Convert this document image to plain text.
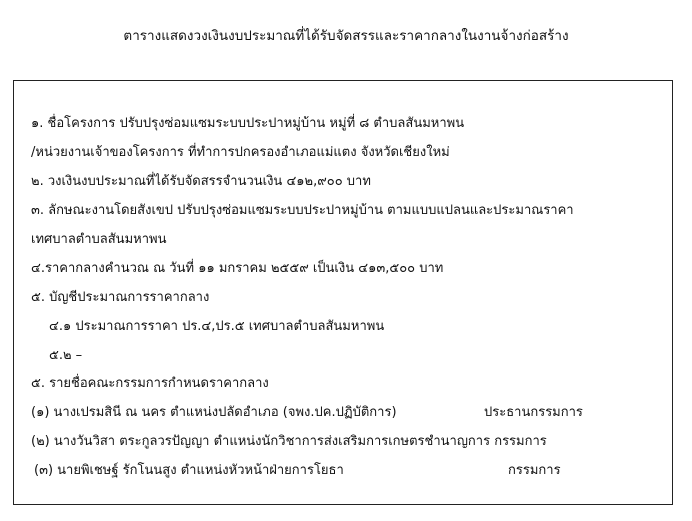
ตารางแสดงวงเงินงบประมาณที่ได้รับจัดสรรและราคากลางในงานจ้างก่อสร้าง
๑. ชื่อโครงการ ปรับปรุงซ่อมแซมระบบประปาหมู่บ้าน หมู่ที่ ๘ ตำบลสันมหาพน
/หน่วยงานเจ้าของโครงการ ที่ทำการปกครองอำเภอแม่แตง จังหวัดเชียงใหม่
๒. วงเงินงบประมาณที่ได้รับจัดสรรจำนวนเงิน ๔๑๒,๙๐๐ บาท
๓. ลักษณะงานโดยสังเขป ปรับปรุงซ่อมแซมระบบประปาหมู่บ้าน ตามแบบแปลนและประมาณราคา
เทศบาลตำบลสันมหาพน
๔.ราคากลางคำนวณ ณ วันที่ ๑๑ มกราคม ๒๕๕๙ เป็นเงิน ๔๑๓,๕๐๐ บาท
๕. บัญชีประมาณการราคากลาง
๔.๑ ประมาณการราคา ปร.๔,ปร.๕ เทศบาลตำบลสันมหาพน
๕.๒ –
๕. รายชื่อคณะกรรมการกำหนดราคากลาง
(๑) นางเปรมสินี ณ นคร ตำแหน่งปลัดอำเภอ (จพง.ปค.ปฏิบัติการ)	ประธานกรรมการ
(๒) นางวันวิสา ตระกูลวรปัญญา ตำแหน่งนักวิชาการส่งเสริมการเกษตรชำนาญการ กรรมการ
(๓) นายพิเชษฐ์ รักโนนสูง ตำแหน่งหัวหน้าฝ่ายการโยธา	กรรมการ
